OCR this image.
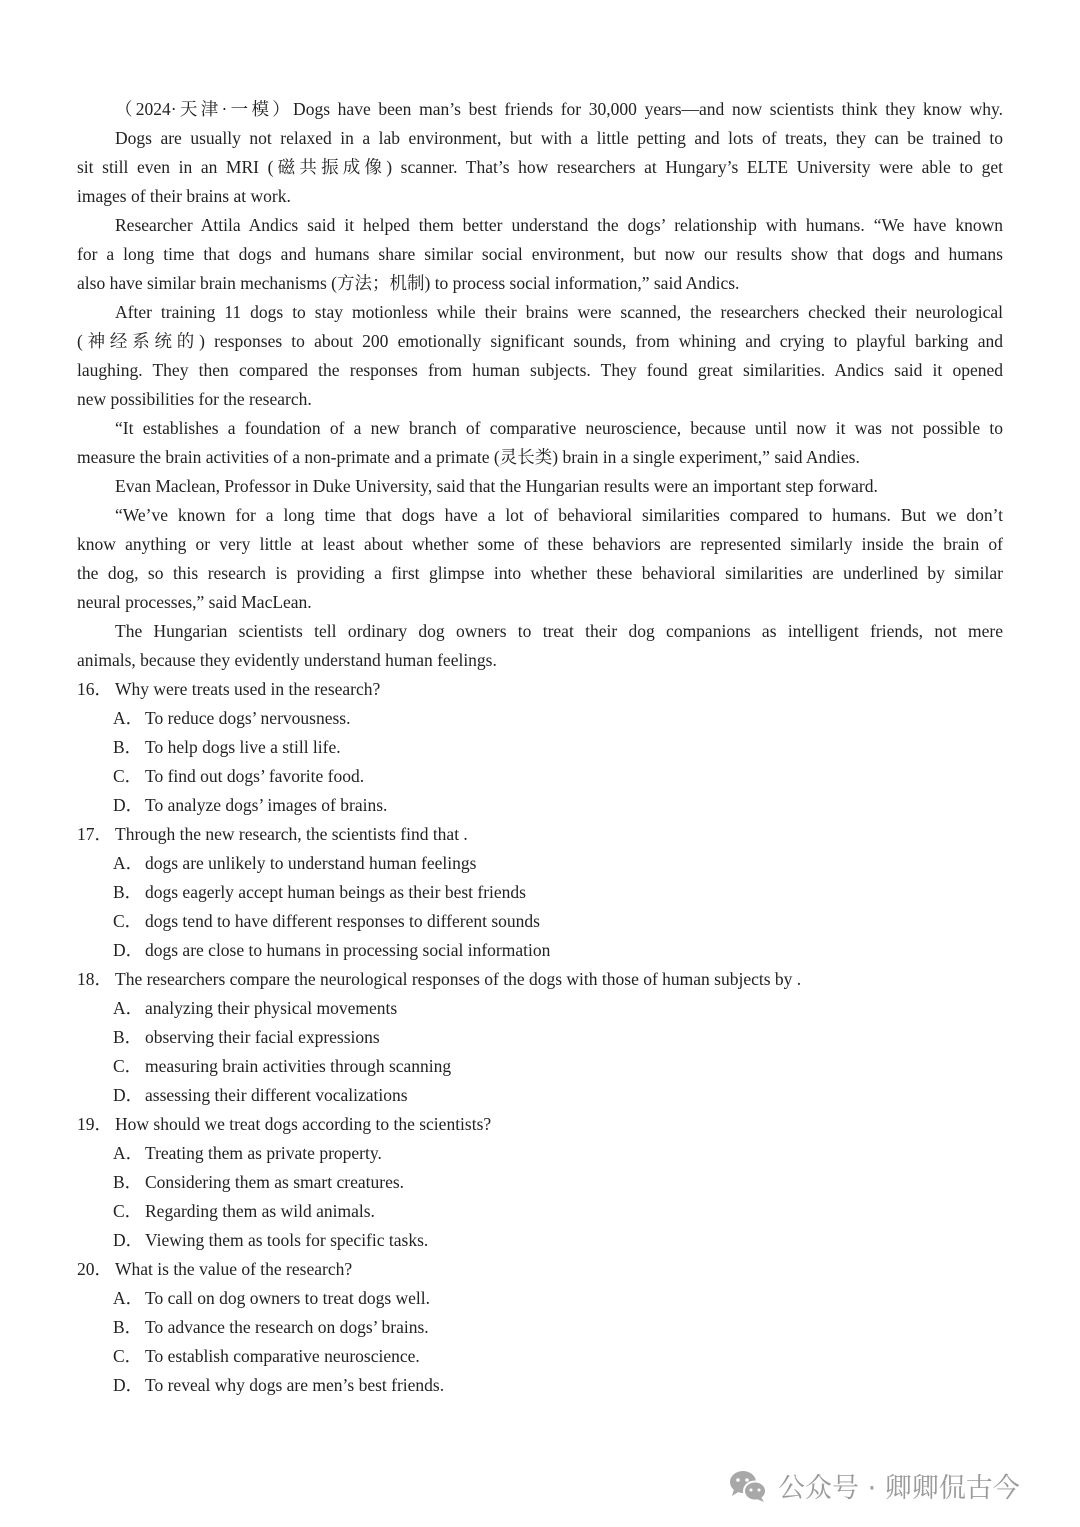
（2024·天津·一模）Dogs have been man’s best friends for 30,000 years—and now scientists think they know why.
Dogs are usually not relaxed in a lab environment, but with a little petting and lots of treats, they can be trained to
sit still even in an MRI (磁共振成像) scanner. That’s how researchers at Hungary’s ELTE University were able to get
images of their brains at work.
Researcher Attila Andics said it helped them better understand the dogs’ relationship with humans. “We have known
for a long time that dogs and humans share similar social environment, but now our results show that dogs and humans
also have similar brain mechanisms (方法；机制) to process social information,” said Andics.
After training 11 dogs to stay motionless while their brains were scanned, the researchers checked their neurological
(神经系统的) responses to about 200 emotionally significant sounds, from whining and crying to playful barking and
laughing. They then compared the responses from human subjects. They found great similarities. Andics said it opened
new possibilities for the research.
“It establishes a foundation of a new branch of comparative neuroscience, because until now it was not possible to
measure the brain activities of a non-primate and a primate (灵长类) brain in a single experiment,” said Andies.
Evan Maclean, Professor in Duke University, said that the Hungarian results were an important step forward.
“We’ve known for a long time that dogs have a lot of behavioral similarities compared to humans. But we don’t
know anything or very little at least about whether some of these behaviors are represented similarly inside the brain of
the dog, so this research is providing a first glimpse into whether these behavioral similarities are underlined by similar
neural processes,” said MacLean.
The Hungarian scientists tell ordinary dog owners to treat their dog companions as intelligent friends, not mere
animals, because they evidently understand human feelings.
16． Why were treats used in the research?
A． To reduce dogs’ nervousness.
B． To help dogs live a still life.
C． To find out dogs’ favorite food.
D． To analyze dogs’ images of brains.
17． Through the new research, the scientists find that .
A． dogs are unlikely to understand human feelings
B． dogs eagerly accept human beings as their best friends
C． dogs tend to have different responses to different sounds
D． dogs are close to humans in processing social information
18． The researchers compare the neurological responses of the dogs with those of human subjects by .
A． analyzing their physical movements
B． observing their facial expressions
C． measuring brain activities through scanning
D． assessing their different vocalizations
19． How should we treat dogs according to the scientists?
A． Treating them as private property.
B． Considering them as smart creatures.
C． Regarding them as wild animals.
D． Viewing them as tools for specific tasks.
20． What is the value of the research?
A． To call on dog owners to treat dogs well.
B． To advance the research on dogs’ brains.
C． To establish comparative neuroscience.
D． To reveal why dogs are men’s best friends.
公众号 · 卿卿侃古今
